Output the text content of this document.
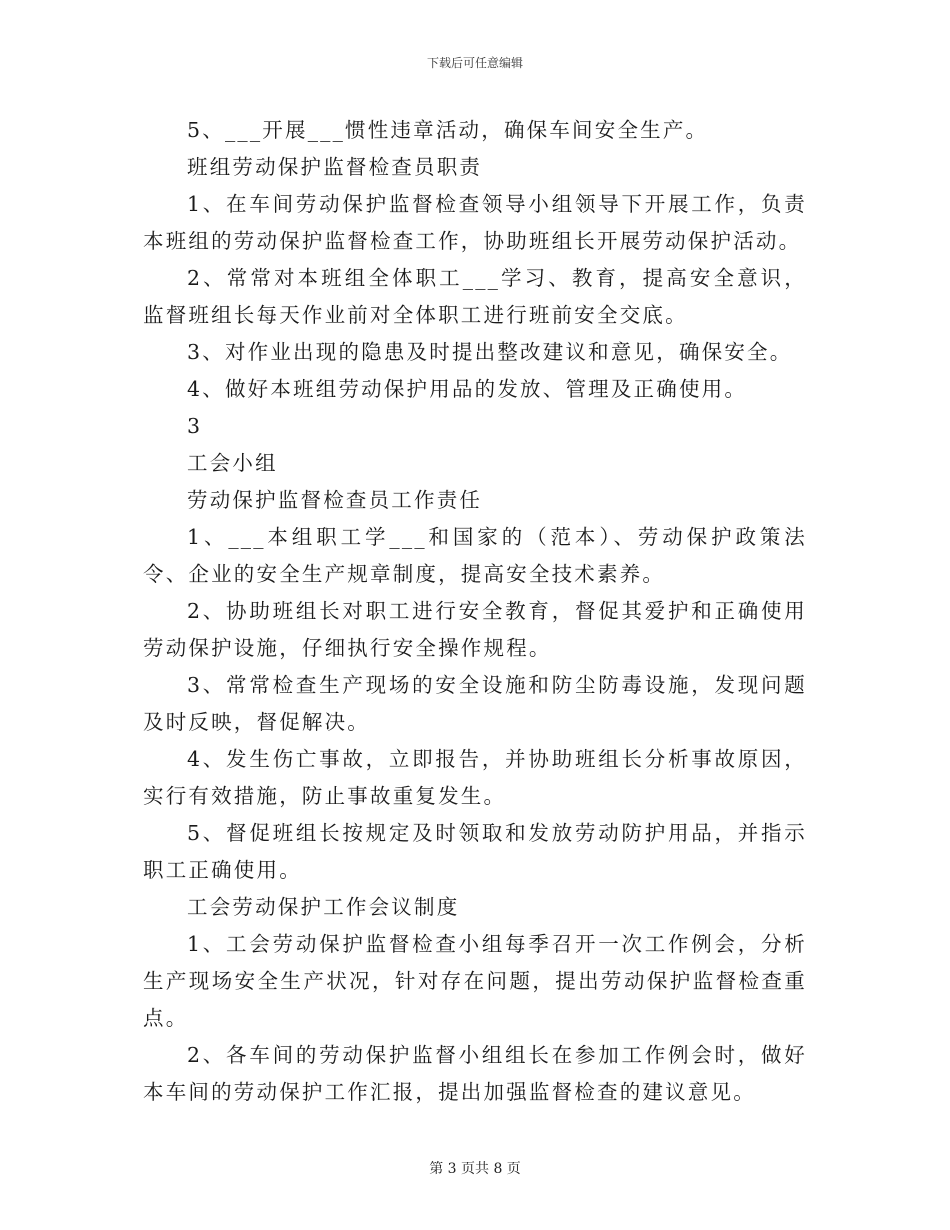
下载后可任意编辑

5、___开展___惯性违章活动，确保车间安全生产。

班组劳动保护监督检查员职责

1、在车间劳动保护监督检查领导小组领导下开展工作，负责本班组的劳动保护监督检查工作，协助班组长开展劳动保护活动。

2、常常对本班组全体职工___学习、教育，提高安全意识，监督班组长每天作业前对全体职工进行班前安全交底。

3、对作业出现的隐患及时提出整改建议和意见，确保安全。

4、做好本班组劳动保护用品的发放、管理及正确使用。

3

工会小组

劳动保护监督检查员工作责任

1、___本组职工学___和国家的（范本）、劳动保护政策法令、企业的安全生产规章制度，提高安全技术素养。

2、协助班组长对职工进行安全教育，督促其爱护和正确使用劳动保护设施，仔细执行安全操作规程。

3、常常检查生产现场的安全设施和防尘防毒设施，发现问题及时反映，督促解决。

4、发生伤亡事故，立即报告，并协助班组长分析事故原因，实行有效措施，防止事故重复发生。

5、督促班组长按规定及时领取和发放劳动防护用品，并指示职工正确使用。

工会劳动保护工作会议制度

1、工会劳动保护监督检查小组每季召开一次工作例会，分析生产现场安全生产状况，针对存在问题，提出劳动保护监督检查重点。

2、各车间的劳动保护监督小组组长在参加工作例会时，做好本车间的劳动保护工作汇报，提出加强监督检查的建议意见。

第 3 页共 8 页
